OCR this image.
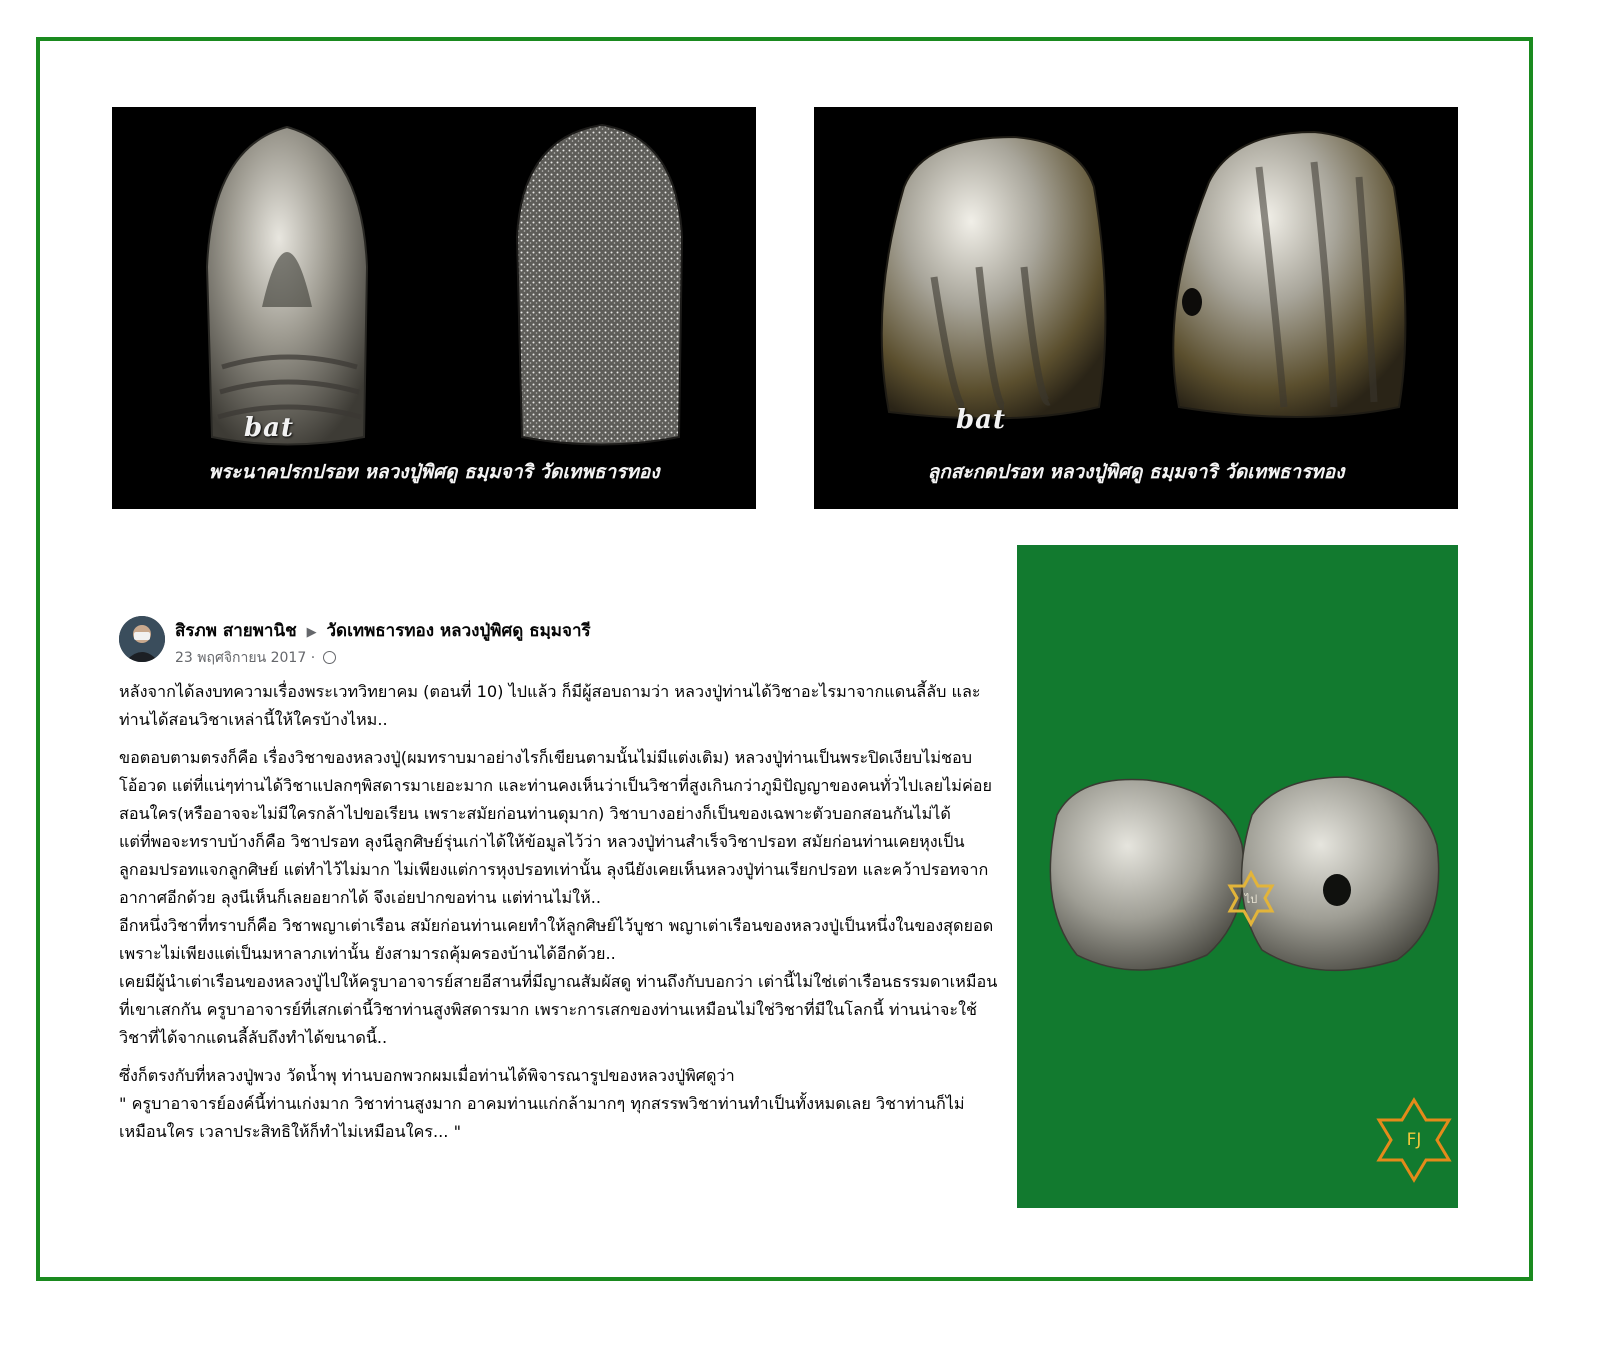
bat
พระนาคปรกปรอท หลวงปู่พิศดู ธมฺมจาริ วัดเทพธารทอง
bat
ลูกสะกดปรอท หลวงปู่พิศดู ธมฺมจาริ วัดเทพธารทอง
ไป
FJ
สิรภพ สายพานิช ▶ วัดเทพธารทอง หลวงปู่พิศดู ธมฺมจารี
23 พฤศจิกายน 2017 ·

หลังจากได้ลงบทความเรื่องพระเวทวิทยาคม (ตอนที่ 10) ไปแล้ว ก็มีผู้สอบถามว่า หลวงปู่ท่านได้วิชาอะไรมาจากแดนลี้ลับ และท่านได้สอนวิชาเหล่านี้ให้ใครบ้างไหม..

ขอตอบตามตรงก็คือ เรื่องวิชาของหลวงปู่(ผมทราบมาอย่างไรก็เขียนตามนั้นไม่มีแต่งเติม) หลวงปู่ท่านเป็นพระปิดเงียบไม่ชอบโอ้อวด แต่ที่แน่ๆท่านได้วิชาแปลกๆพิสดารมาเยอะมาก และท่านคงเห็นว่าเป็นวิชาที่สูงเกินกว่าภูมิปัญญาของคนทั่วไปเลยไม่ค่อยสอนใคร(หรืออาจจะไม่มีใครกล้าไปขอเรียน เพราะสมัยก่อนท่านดุมาก) วิชาบางอย่างก็เป็นของเฉพาะตัวบอกสอนกันไม่ได้
แต่ที่พอจะทราบบ้างก็คือ วิชาปรอท ลุงนีลูกศิษย์รุ่นเก่าได้ให้ข้อมูลไว้ว่า หลวงปู่ท่านสำเร็จวิชาปรอท สมัยก่อนท่านเคยหุงเป็นลูกอมปรอทแจกลูกศิษย์ แต่ทำไว้ไม่มาก ไม่เพียงแต่การหุงปรอทเท่านั้น ลุงนียังเคยเห็นหลวงปู่ท่านเรียกปรอท และคว้าปรอทจากอากาศอีกด้วย ลุงนีเห็นก็เลยอยากได้ จึงเอ่ยปากขอท่าน แต่ท่านไม่ให้..
อีกหนึ่งวิชาที่ทราบก็คือ วิชาพญาเต่าเรือน สมัยก่อนท่านเคยทำให้ลูกศิษย์ไว้บูชา พญาเต่าเรือนของหลวงปู่เป็นหนึ่งในของสุดยอด เพราะไม่เพียงแต่เป็นมหาลาภเท่านั้น ยังสามารถคุ้มครองบ้านได้อีกด้วย..
เคยมีผู้นำเต่าเรือนของหลวงปู่ไปให้ครูบาอาจารย์สายอีสานที่มีญาณสัมผัสดู ท่านถึงกับบอกว่า เต่านี้ไม่ใช่เต่าเรือนธรรมดาเหมือนที่เขาเสกกัน ครูบาอาจารย์ที่เสกเต่านี้วิชาท่านสูงพิสดารมาก เพราะการเสกของท่านเหมือนไม่ใช่วิชาที่มีในโลกนี้ ท่านน่าจะใช้วิชาที่ได้จากแดนลี้ลับถึงทำได้ขนาดนี้..

ซึ่งก็ตรงกับที่หลวงปู่พวง วัดน้ำพุ ท่านบอกพวกผมเมื่อท่านได้พิจารณารูปของหลวงปู่พิศดูว่า
" ครูบาอาจารย์องค์นี้ท่านเก่งมาก วิชาท่านสูงมาก อาคมท่านแก่กล้ามากๆ ทุกสรรพวิชาท่านทำเป็นทั้งหมดเลย วิชาท่านก็ไม่เหมือนใคร เวลาประสิทธิให้ก็ทำไม่เหมือนใคร... "
